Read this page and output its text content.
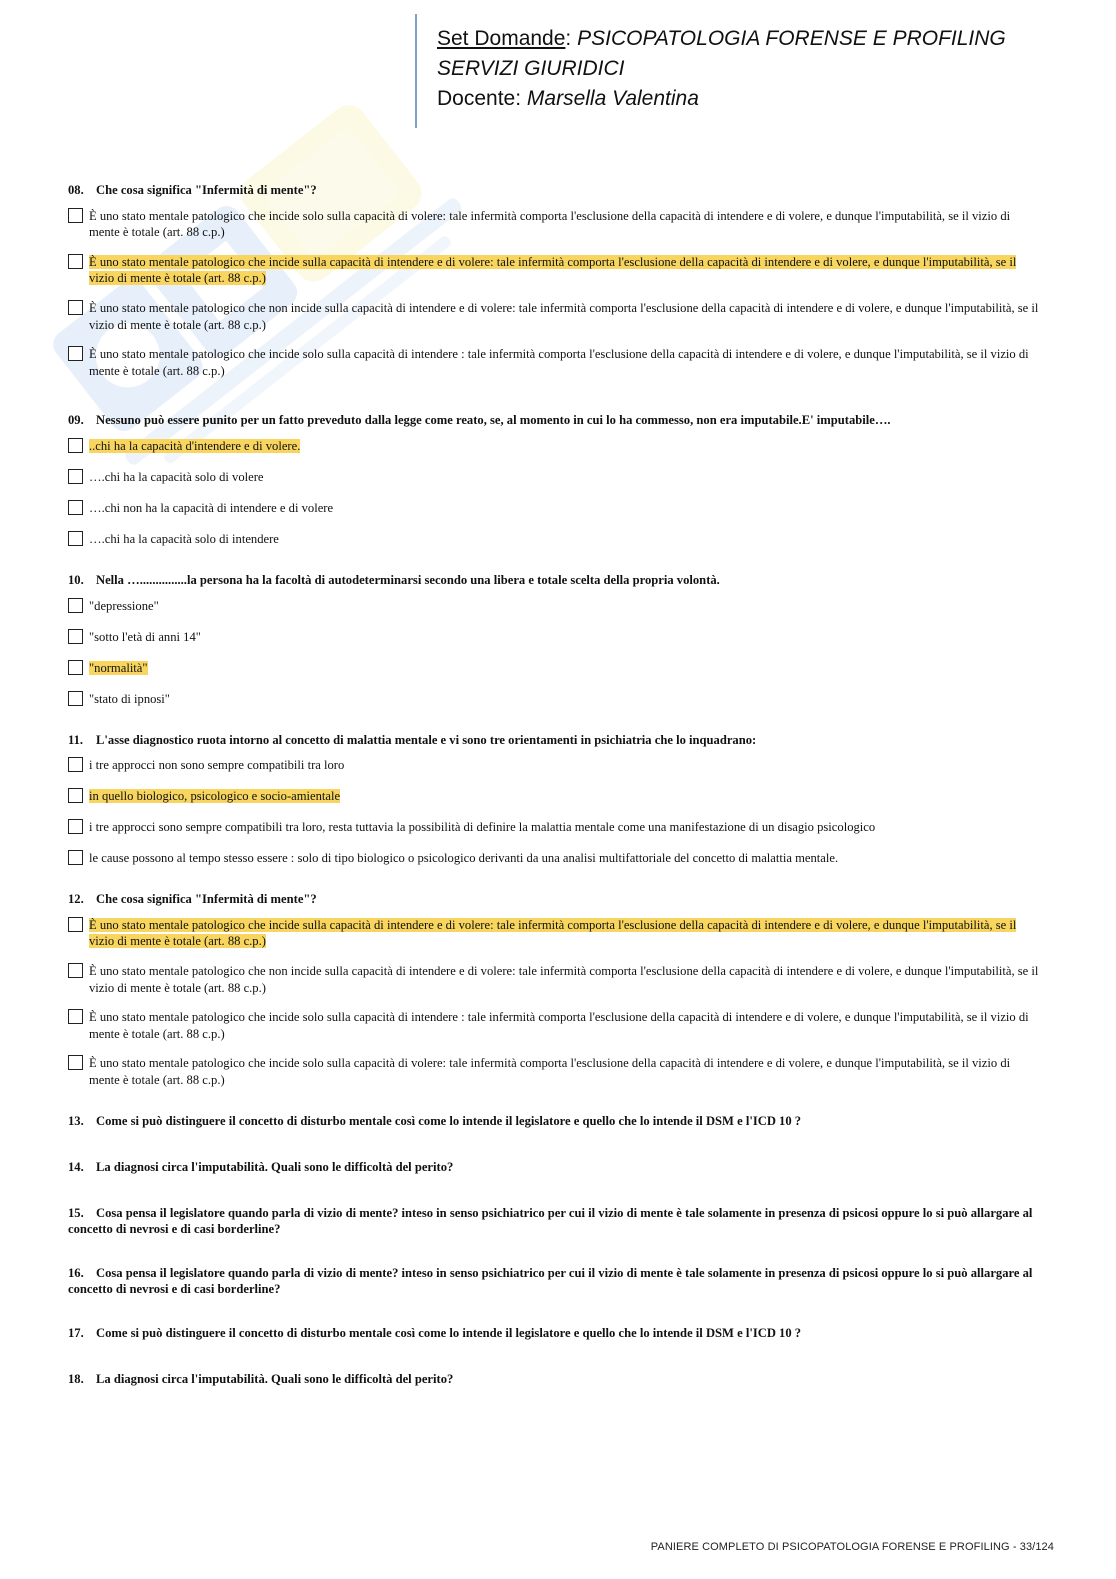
Set Domande: PSICOPATOLOGIA FORENSE E PROFILING
SERVIZI GIURIDICI
Docente: Marsella Valentina
08. Che cosa significa "Infermità di mente"?
È uno stato mentale patologico che incide solo sulla capacità di volere: tale infermità comporta l'esclusione della capacità di intendere e di volere, e dunque l'imputabilità, se il vizio di mente è totale (art. 88 c.p.)
È uno stato mentale patologico che incide sulla capacità di intendere e di volere: tale infermità comporta l'esclusione della capacità di intendere e di volere, e dunque l'imputabilità, se il vizio di mente è totale (art. 88 c.p.)
È uno stato mentale patologico che non incide sulla capacità di intendere e di volere: tale infermità comporta l'esclusione della capacità di intendere e di volere, e dunque l'imputabilità, se il vizio di mente è totale (art. 88 c.p.)
È uno stato mentale patologico che incide solo sulla capacità di intendere : tale infermità comporta l'esclusione della capacità di intendere e di volere, e dunque l'imputabilità, se il vizio di mente è totale (art. 88 c.p.)
09. Nessuno può essere punito per un fatto preveduto dalla legge come reato, se, al momento in cui lo ha commesso, non era imputabile.E' imputabile….
..chi ha la capacità d'intendere e di volere.
….chi ha la capacità solo di volere
….chi non ha la capacità di intendere e di volere
….chi ha la capacità solo di intendere
10. Nella …...............la persona ha la facoltà di autodeterminarsi secondo una libera e totale scelta della propria volontà.
"depressione"
"sotto l'età di anni 14"
"normalità"
"stato di ipnosi"
11. L'asse diagnostico ruota intorno al concetto di malattia mentale e vi sono tre orientamenti in psichiatria che lo inquadrano:
i tre approcci non sono sempre compatibili tra loro
in quello biologico, psicologico e socio-amientale
i tre approcci sono sempre compatibili tra loro, resta tuttavia la possibilità di definire la malattia mentale come una manifestazione di un disagio psicologico
le cause possono al tempo stesso essere : solo di tipo biologico o psicologico derivanti da una analisi multifattoriale del concetto di malattia mentale.
12. Che cosa significa "Infermità di mente"?
È uno stato mentale patologico che incide sulla capacità di intendere e di volere: tale infermità comporta l'esclusione della capacità di intendere e di volere, e dunque l'imputabilità, se il vizio di mente è totale (art. 88 c.p.)
È uno stato mentale patologico che non incide sulla capacità di intendere e di volere: tale infermità comporta l'esclusione della capacità di intendere e di volere, e dunque l'imputabilità, se il vizio di mente è totale (art. 88 c.p.)
È uno stato mentale patologico che incide solo sulla capacità di intendere : tale infermità comporta l'esclusione della capacità di intendere e di volere, e dunque l'imputabilità, se il vizio di mente è totale (art. 88 c.p.)
È uno stato mentale patologico che incide solo sulla capacità di volere: tale infermità comporta l'esclusione della capacità di intendere e di volere, e dunque l'imputabilità, se il vizio di mente è totale (art. 88 c.p.)
13. Come si può distinguere il concetto di disturbo mentale così come lo intende il legislatore e quello che lo intende il DSM e l'ICD 10 ?
14. La diagnosi circa l'imputabilità. Quali sono le difficoltà del perito?
15. Cosa pensa il legislatore quando parla di vizio di mente? inteso in senso psichiatrico per cui il vizio di mente è tale solamente in presenza di psicosi oppure lo si può allargare al concetto di nevrosi e di casi borderline?
16. Cosa pensa il legislatore quando parla di vizio di mente? inteso in senso psichiatrico per cui il vizio di mente è tale solamente in presenza di psicosi oppure lo si può allargare al concetto di nevrosi e di casi borderline?
17. Come si può distinguere il concetto di disturbo mentale così come lo intende il legislatore e quello che lo intende il DSM e l'ICD 10 ?
18. La diagnosi circa l'imputabilità. Quali sono le difficoltà del perito?
PANIERE COMPLETO DI PSICOPATOLOGIA FORENSE E PROFILING - 33/124
